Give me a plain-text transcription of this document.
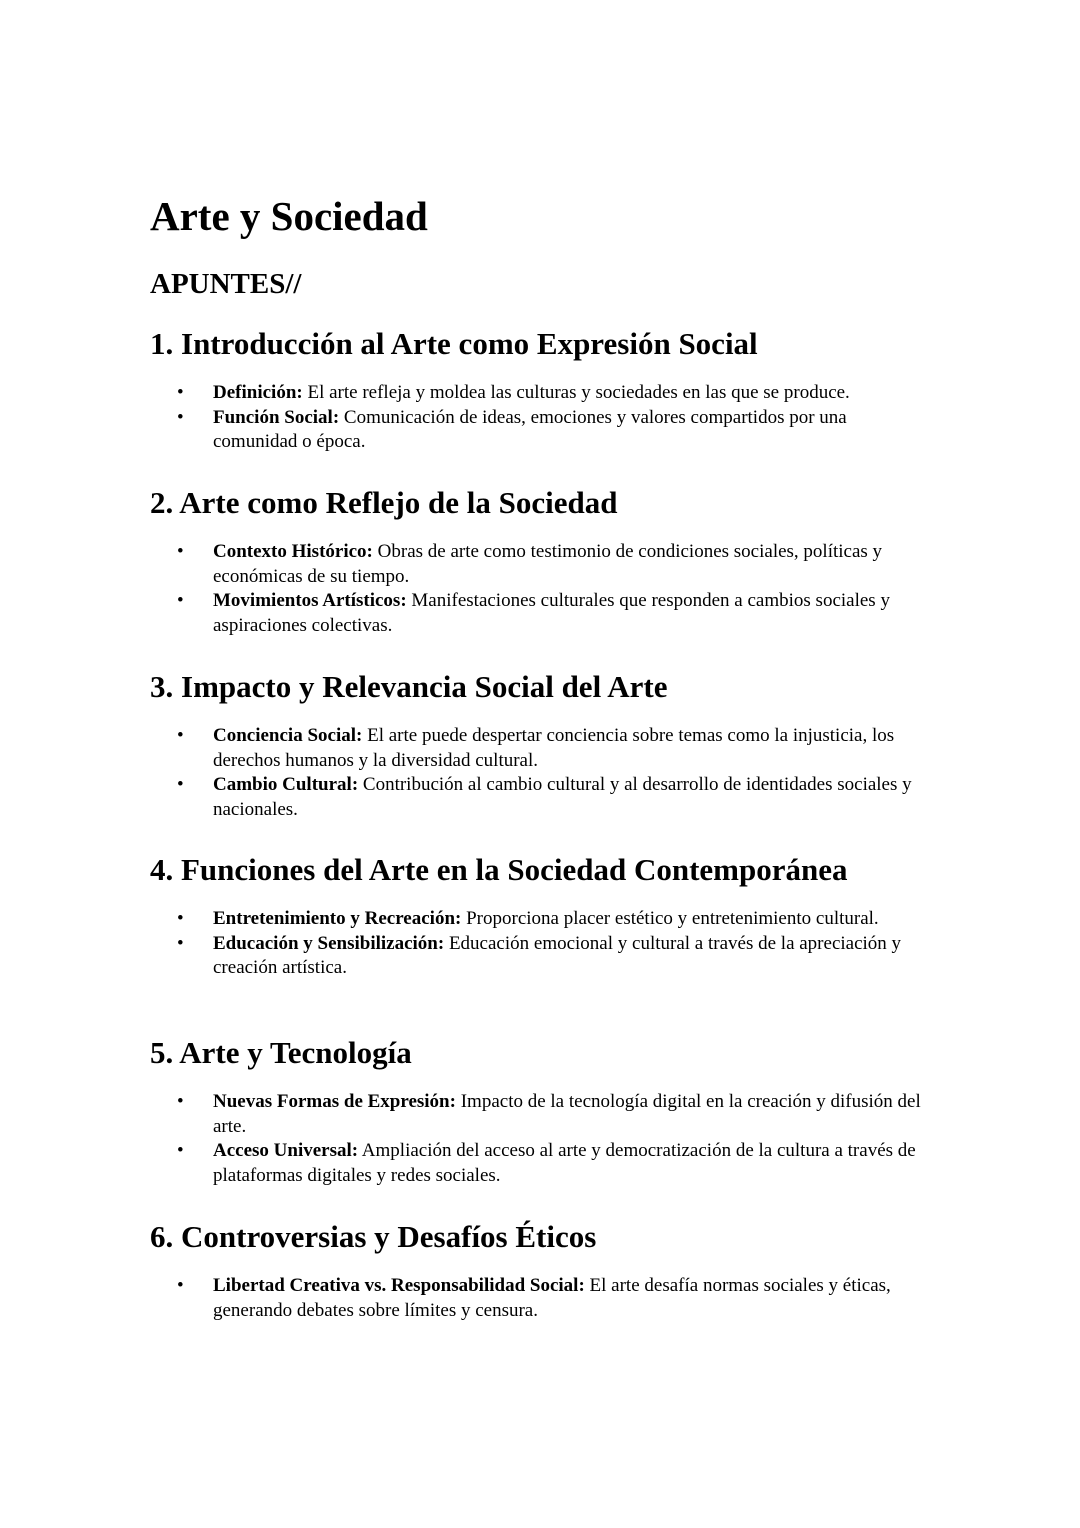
Arte y Sociedad
APUNTES//
1. Introducción al Arte como Expresión Social
• Definición: El arte refleja y moldea las culturas y sociedades en las que se produce.
• Función Social: Comunicación de ideas, emociones y valores compartidos por una comunidad o época.
2. Arte como Reflejo de la Sociedad
• Contexto Histórico: Obras de arte como testimonio de condiciones sociales, políticas y económicas de su tiempo.
• Movimientos Artísticos: Manifestaciones culturales que responden a cambios sociales y aspiraciones colectivas.
3. Impacto y Relevancia Social del Arte
• Conciencia Social: El arte puede despertar conciencia sobre temas como la injusticia, los derechos humanos y la diversidad cultural.
• Cambio Cultural: Contribución al cambio cultural y al desarrollo de identidades sociales y nacionales.
4. Funciones del Arte en la Sociedad Contemporánea
• Entretenimiento y Recreación: Proporciona placer estético y entretenimiento cultural.
• Educación y Sensibilización: Educación emocional y cultural a través de la apreciación y creación artística.
5. Arte y Tecnología
• Nuevas Formas de Expresión: Impacto de la tecnología digital en la creación y difusión del arte.
• Acceso Universal: Ampliación del acceso al arte y democratización de la cultura a través de plataformas digitales y redes sociales.
6. Controversias y Desafíos Éticos
• Libertad Creativa vs. Responsabilidad Social: El arte desafía normas sociales y éticas, generando debates sobre límites y censura.
